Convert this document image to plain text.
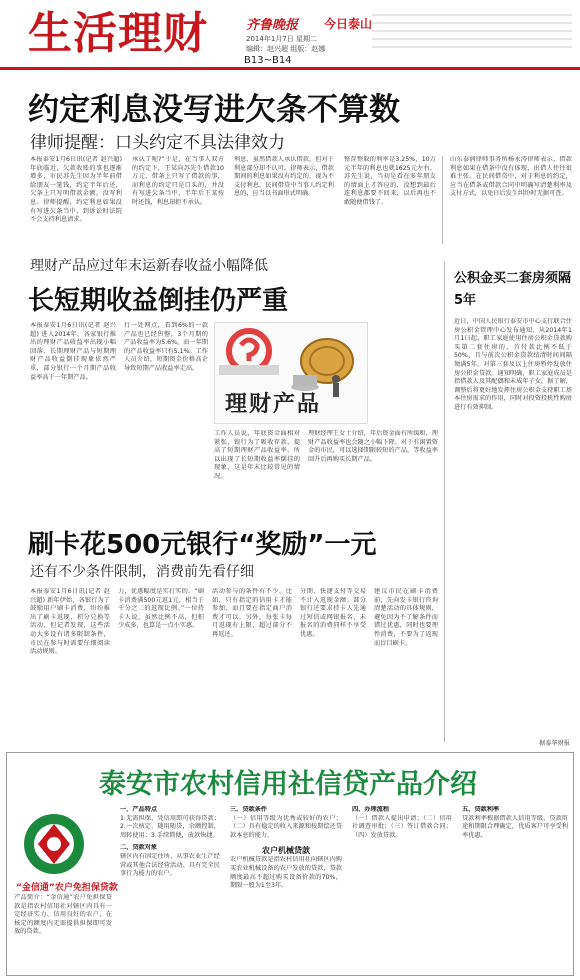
生活理财	齐鲁晚报 今日泰山
2014年1月7日 星期二
编辑：赵兴超 组版：赵娜
B13~B14
约定利息没写进欠条不算数
律师提醒：口头约定不具法律效力
本报泰安1月6日讯(记者 赵兴超) 年底临近，欠款收账的事也逐渐增多，市民苏先生因为半年前借给朋友一笔钱，约定半年后还，欠条上只写明借款金额，没写利息。律师提醒，约定利息如果没有写进欠条当中，到诉讼时法院不会支持利息请求。
承认了呢?”于是，在当事人双方的约定下，王某向苏先生借款10万元，借条上只写了借款的事，而利息的约定只是口头的，并没有写进欠条当中，半年后王某按时还钱，利息却拒不承认。
利息，虽然借款人承认借款，但对于利息部分却不认可。律师表示，借款期间的利息如果没有约定的，视为不支付利息，民间借贷中当事人约定利息的，应当以书面形式明确。
整存整取的利率是3.25%，10万元半年的利息也就1625元左右。苏先生说，当初是看在多年朋友的情面上才答应的，没想到最后连利息都要不回来，以后再也不敢随便借钱了。
山东泰润律师事务所杨永涛律师表示，借款利息如果在借条中没有体现，出借人往往很难主张。在民间借贷中，对于利息的约定，应当在借条或借款合同中明确写清楚利率及支付方式，以免日后发生纠纷时无据可查。
理财产品应过年末运新春收益小幅降低
长短期收益倒挂仍严重
本报泰安1月6日讯(记者 赵兴超) 进入2014年，各家银行推出的理财产品收益率出现小幅回落，长期理财产品与短期理财产品收益倒挂现象依然严重，部分银行一个月期产品收益率高于一年期产品。
行一处网点，看到6%的一款产品也已经售罄，3个月期的产品收益率为5.6%，而一年期的产品收益率只有5.1%。工作人员介绍，短期资金价格高企导致短期产品收益率走高。
理财产品
工作人员说，年底资金面相对紧张，银行为了吸收存款，提高了短期理财产品收益率，所以出现了长短期收益率倒挂的现象，这是年末比较常见的情况。
理财经理王女士介绍，年后资金面有所缓和，理财产品收益率也会随之小幅下降。对于有闲置资金的市民，可以选择期限较短的产品，等收益率回升后再购买长期产品。
公积金买二套房须隔5年
近日，中国人民银行泰安市中心支行联合住房公积金管理中心发布通知，从2014年1月1日起，职工家庭使用住房公积金贷款购买第二套住房的，首付款比例不低于50%，且与前次公积金贷款结清时间间隔须满5年。对第三套及以上住房暂停发放住房公积金贷款。通知明确，职工家庭成员是指借款人及其配偶和未成年子女。据了解，调整后将更好地发挥住房公积金支持职工基本住房需求的作用，同时对投资投机性购房进行有效抑制。
刷卡花500元银行“奖励”一元
还有不少条件限制，消费前先看仔细
本报泰安1月6日讯(记者 赵兴超) 新年伊始，各银行为了鼓励用户刷卡消费，纷纷推出了刷卡返现、积分兑换等活动，但记者发现，这些活动大多设有诸多限制条件，市民在参与时需要仔细阅读活动规则。
力，优惠幅度是实打实的。“刷卡消费满500元返1元，相当于千分之二的返现比例。”一位持卡人说，虽然比例不高，但积少成多，也算是一点小实惠。
活动参与的条件有不少。比如，只有指定的信用卡才能参加，而且要在指定商户消费才可以。另外，每张卡每月返现有上限，超过部分不再返还。
分期、快捷支付等交易不计入返现金额；部分银行还要求持卡人先通过短信或网银报名，未报名的消费同样不享受优惠。
建议市民在刷卡消费前，先向发卡银行咨询清楚活动的具体规则，避免因为不了解条件而错过优惠，同时也要理性消费，不要为了返现而盲目刷卡。
据泰华财报
泰安市农村信用社信贷产品介绍
“金信通”农户免担保贷款
产品简介：“金信通”农户免担保贷款是指农村信用社对辖区内具有一定经济实力、信用良好的农户，在核定的额度内无需提供担保即可发放的贷款。
一、产品特点
1.无需担保，凭信用即可获得贷款；2.一次核定，随用随贷，余额控制，周转使用；3.手续简便，放款快捷。
二、贷款对象
辖区内有固定住所、从事农业生产经营或其他合法经营活动、具有完全民事行为能力的农户。
三、贷款条件
（一）信用等级为优秀或较好的农户；（二）具有稳定的收入来源和按期偿还贷款本息的能力。
农户机械贷款
农户机械贷款是指农村信用社向辖区内购买农业机械设备的农户发放的贷款，贷款额度最高不超过购买设备价款的70%，期限一般为1至3年。
四、办理流程
（一）借款人提出申请；（二）信用社调查审批；（三）签订借款合同；（四）发放贷款。
五、贷款利率
贷款利率根据借款人信用等级、贷款用途和期限合理确定，优质客户可享受利率优惠。
